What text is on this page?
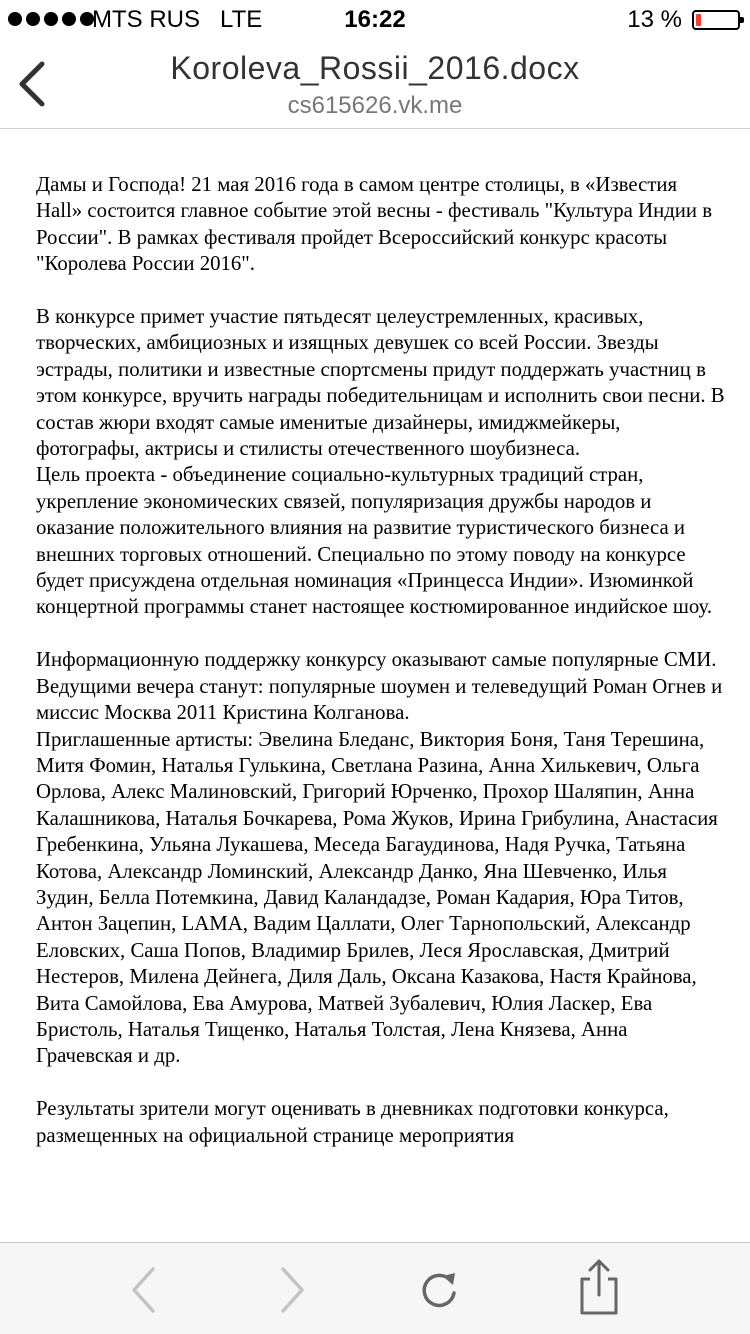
MTS RUS LTE	16:22	13 %
Koroleva_Rossii_2016.docx
cs615626.vk.me

Дамы и Господа! 21 мая 2016 года в самом центре столицы, в «Известия Hall» состоится главное событие этой весны - фестиваль "Культура Индии в России". В рамках фестиваля пройдет Всероссийский конкурс красоты "Королева России 2016".

В конкурсе примет участие пятьдесят целеустремленных, красивых, творческих, амбициозных и изящных девушек со всей России. Звезды эстрады, политики и известные спортсмены придут поддержать участниц в этом конкурсе, вручить награды победительницам и исполнить свои песни. В состав жюри входят самые именитые дизайнеры, имиджмейкеры, фотографы, актрисы и стилисты отечественного шоубизнеса.
Цель проекта - объединение социально-культурных традиций стран, укрепление экономических связей, популяризация дружбы народов и оказание положительного влияния на развитие туристического бизнеса и внешних торговых отношений. Специально по этому поводу на конкурсе будет присуждена отдельная номинация «Принцесса Индии». Изюминкой концертной программы станет настоящее костюмированное индийское шоу.

Информационную поддержку конкурсу оказывают самые популярные СМИ.
Ведущими вечера станут: популярные шоумен и телеведущий Роман Огнев и миссис Москва 2011 Кристина Колганова.
Приглашенные артисты: Эвелина Бледанс, Виктория Боня, Таня Терешина, Митя Фомин, Наталья Гулькина, Светлана Разина, Анна Хилькевич, Ольга Орлова, Алекс Малиновский, Григорий Юрченко, Прохор Шаляпин, Анна Калашникова, Наталья Бочкарева, Рома Жуков, Ирина Грибулина, Анастасия Гребенкина, Ульяна Лукашева, Меседа Багаудинова, Надя Ручка, Татьяна Котова, Александр Ломинский, Александр Данко, Яна Шевченко, Илья Зудин, Белла Потемкина, Давид Каландадзе, Роман Кадария, Юра Титов, Антон Зацепин, LAMA, Вадим Цаллати, Олег Тарнопольский, Александр Еловских, Саша Попов, Владимир Брилев, Леся Ярославская, Дмитрий Нестеров, Милена Дейнега, Диля Даль, Оксана Казакова, Настя Крайнова, Вита Самойлова, Ева Амурова, Матвей Зубалевич, Юлия Ласкер, Ева Бристоль, Наталья Тищенко, Наталья Толстая, Лена Князева, Анна Грачевская и др.

Результаты зрители могут оценивать в дневниках подготовки конкурса, размещенных на официальной странице мероприятия
